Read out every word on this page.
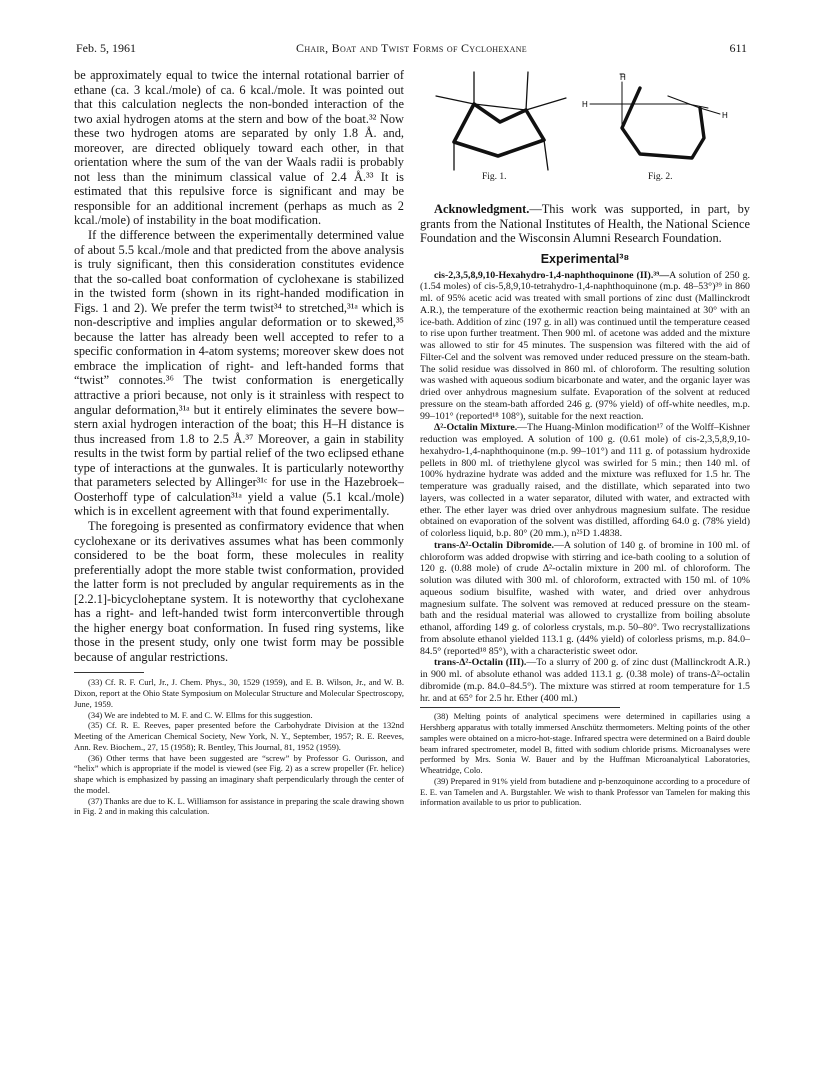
Feb. 5, 1961	Chair, Boat and Twist Forms of Cyclohexane	611

be approximately equal to twice the internal rotational barrier of ethane (ca. 3 kcal./mole) of ca. 6 kcal./mole. It was pointed out that this calculation neglects the non-bonded interaction of the two axial hydrogen atoms at the stern and bow of the boat.³² Now these two hydrogen atoms are separated by only 1.8 Å. and, moreover, are directed obliquely toward each other, in that orientation where the sum of the van der Waals radii is probably not less than the minimum classical value of 2.4 Å.³³ It is estimated that this repulsive force is significant and may be responsible for an additional increment (perhaps as much as 2 kcal./mole) of instability in the boat modification.

If the difference between the experimentally determined value of about 5.5 kcal./mole and that predicted from the above analysis is truly significant, then this consideration constitutes evidence that the so-called boat conformation of cyclohexane is stabilized in the twisted form (shown in its right-handed modification in Figs. 1 and 2). We prefer the term twist³⁴ to stretched,³¹ᵃ which is non-descriptive and implies angular deformation or to skewed,³⁵ because the latter has already been well accepted to refer to a specific conformation in 4-atom systems; moreover skew does not embrace the implication of right- and left-handed forms that “twist” connotes.³⁶ The twist conformation is energetically attractive a priori because, not only is it strainless with respect to angular deformation,³¹ᵃ but it entirely eliminates the severe bow–stern axial hydrogen interaction of the boat; this H–H distance is thus increased from 1.8 to 2.5 Å.³⁷ Moreover, a gain in stability results in the twist form by partial relief of the two eclipsed ethane type of interactions at the gunwales. It is particularly noteworthy that parameters selected by Allinger³¹ᶜ for use in the Hazebroek–Oosterhoff type of calculation³¹ᵃ yield a value (5.1 kcal./mole) which is in excellent agreement with that found experimentally.

The foregoing is presented as confirmatory evidence that when cyclohexane or its derivatives assumes what has been commonly considered to be the boat form, these molecules in reality preferentially adopt the more stable twist conformation, provided the latter form is not precluded by angular requirements as in the [2.2.1]-bicycloheptane system. It is noteworthy that cyclohexane has a right- and left-handed twist form interconvertible through the higher energy boat conformation. In fused ring systems, like those in the present study, only one twist form may be possible because of angular restrictions.

(33) Cf. R. F. Curl, Jr., J. Chem. Phys., 30, 1529 (1959), and E. B. Wilson, Jr., and W. B. Dixon, report at the Ohio State Symposium on Molecular Structure and Molecular Spectroscopy, June, 1959.

(34) We are indebted to M. F. and C. W. Ellms for this suggestion.

(35) Cf. R. E. Reeves, paper presented before the Carbohydrate Division at the 132nd Meeting of the American Chemical Society, New York, N. Y., September, 1957; R. E. Reeves, Ann. Rev. Biochem., 27, 15 (1958); R. Bentley, This Journal, 81, 1952 (1959).

(36) Other terms that have been suggested are “screw” by Professor G. Ourisson, and “helix” which is appropriate if the model is viewed (see Fig. 2) as a screw propeller (Fr. helice) shape which is emphasized by passing an imaginary shaft perpendicularly through the center of the model.

(37) Thanks are due to K. L. Williamson for assistance in preparing the scale drawing shown in Fig. 2 and in making this calculation.

Fig. 1.
H
H
H
Fig. 2.

Acknowledgment.—This work was supported, in part, by grants from the National Institutes of Health, the National Science Foundation and the Wisconsin Alumni Research Foundation.

Experimental³⁸

cis-2,3,5,8,9,10-Hexahydro-1,4-naphthoquinone (II).³⁹—A solution of 250 g. (1.54 moles) of cis-5,8,9,10-tetrahydro-1,4-naphthoquinone (m.p. 48–53°)³⁹ in 860 ml. of 95% acetic acid was treated with small portions of zinc dust (Mallinckrodt A.R.), the temperature of the exothermic reaction being maintained at 30° with an ice-bath. Addition of zinc (197 g. in all) was continued until the temperature ceased to rise upon further treatment. Then 900 ml. of acetone was added and the mixture was allowed to stir for 45 minutes. The suspension was filtered with the aid of Filter-Cel and the solvent was removed under reduced pressure on the steam-bath. The solid residue was dissolved in 860 ml. of chloroform. The resulting solution was washed with aqueous sodium bicarbonate and water, and the organic layer was dried over anhydrous magnesium sulfate. Evaporation of the solvent at reduced pressure on the steam-bath afforded 246 g. (97% yield) of off-white needles, m.p. 99–101° (reported¹⁸ 108°), suitable for the next reaction.

Δ²-Octalin Mixture.—The Huang-Minlon modification¹⁷ of the Wolff–Kishner reduction was employed. A solution of 100 g. (0.61 mole) of cis-2,3,5,8,9,10-hexahydro-1,4-naphthoquinone (m.p. 99–101°) and 111 g. of potassium hydroxide pellets in 800 ml. of triethylene glycol was swirled for 5 min.; then 140 ml. of 100% hydrazine hydrate was added and the mixture was refluxed for 1.5 hr. The temperature was gradually raised, and the distillate, which separated into two layers, was collected in a water separator, diluted with water, and extracted with ether. The ether layer was dried over anhydrous magnesium sulfate. The residue obtained on evaporation of the solvent was distilled, affording 64.0 g. (78% yield) of colorless liquid, b.p. 80° (20 mm.), n²⁵D 1.4838.

trans-Δ²-Octalin Dibromide.—A solution of 140 g. of bromine in 100 ml. of chloroform was added dropwise with stirring and ice-bath cooling to a solution of 120 g. (0.88 mole) of crude Δ²-octalin mixture in 200 ml. of chloroform. The solution was diluted with 300 ml. of chloroform, extracted with 150 ml. of 10% aqueous sodium bisulfite, washed with water, and dried over anhydrous magnesium sulfate. The solvent was removed at reduced pressure on the steam-bath and the residual material was allowed to crystallize from boiling absolute ethanol, affording 149 g. of colorless crystals, m.p. 50–80°. Two recrystallizations from absolute ethanol yielded 113.1 g. (44% yield) of colorless prisms, m.p. 84.0–84.5° (reported¹⁸ 85°), with a characteristic sweet odor.

trans-Δ²-Octalin (III).—To a slurry of 200 g. of zinc dust (Mallinckrodt A.R.) in 900 ml. of absolute ethanol was added 113.1 g. (0.38 mole) of trans-Δ²-octalin dibromide (m.p. 84.0–84.5°). The mixture was stirred at room temperature for 1.5 hr. and at 65° for 2.5 hr. Ether (400 ml.)

(38) Melting points of analytical specimens were determined in capillaries using a Hershberg apparatus with totally immersed Anschütz thermometers. Melting points of the other samples were obtained on a micro-hot-stage. Infrared spectra were determined on a Baird double beam infrared spectrometer, model B, fitted with sodium chloride prisms. Microanalyses were performed by Mrs. Sonia W. Bauer and by the Huffman Microanalytical Laboratories, Wheatridge, Colo.

(39) Prepared in 91% yield from butadiene and p-benzoquinone according to a procedure of E. E. van Tamelen and A. Burgstahler. We wish to thank Professor van Tamelen for making this information available to us prior to publication.
